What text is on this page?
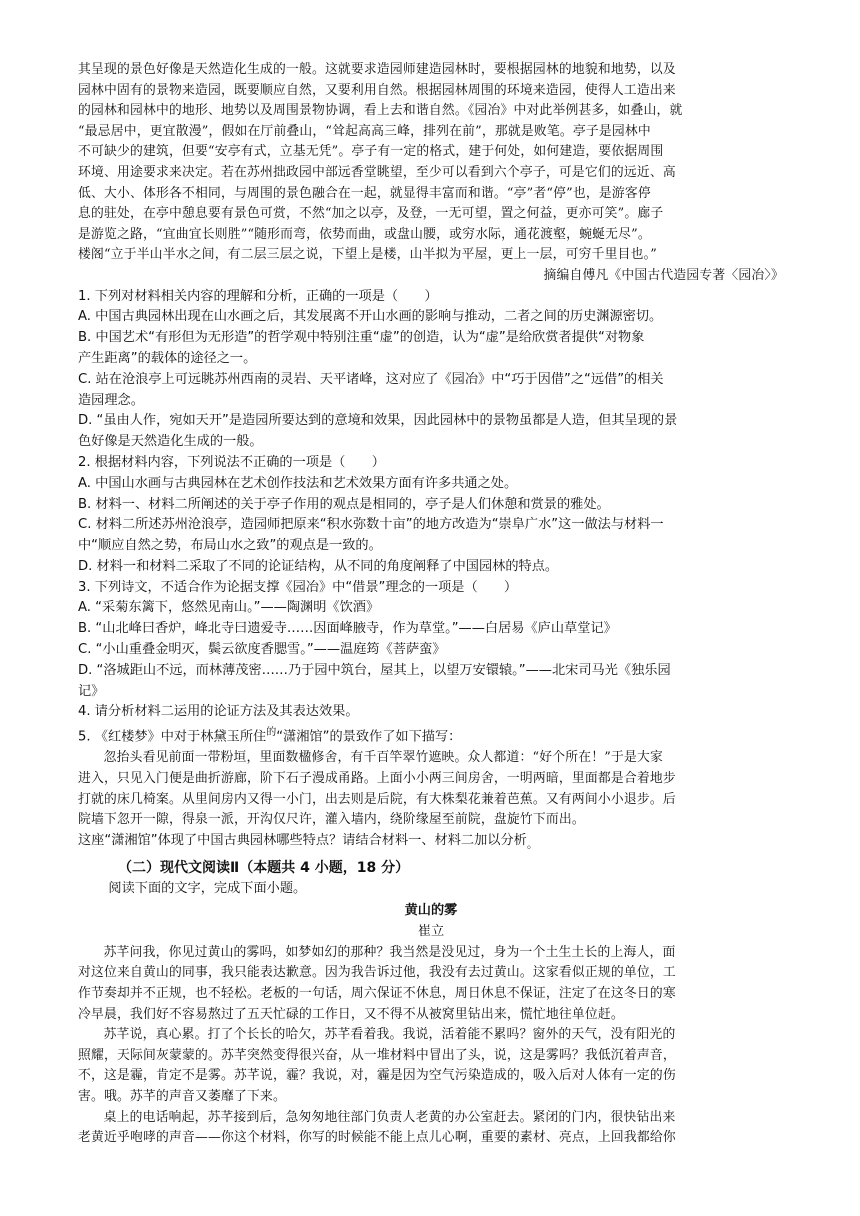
其呈现的景色好像是天然造化生成的一般。这就要求造园师建造园林时，要根据园林的地貌和地势，以及

园林中固有的景物来造园，既要顺应自然，又要利用自然。根据园林周围的环境来造园，使得人工造出来

的园林和园林中的地形、地势以及周围景物协调，看上去和谐自然。《园冶》中对此举例甚多，如叠山，就

“最忌居中，更宜散漫”，假如在厅前叠山，“耸起高高三峰，排列在前”，那就是败笔。亭子是园林中

不可缺少的建筑，但要“安亭有式，立基无凭”。亭子有一定的格式，建于何处，如何建造，要依据周围

环境、用途要求来决定。若在苏州拙政园中部远香堂眺望，至少可以看到六个亭子，可是它们的远近、高

低、大小、体形各不相同，与周围的景色融合在一起，就显得丰富而和谐。“亭”者“停”也，是游客停

息的驻处，在亭中憩息要有景色可赏，不然“加之以亭，及登，一无可望，置之何益，更亦可笑”。廊子

是游览之路，“宜曲宜长则胜”“随形而弯，依势而曲，或盘山腰，或穷水际，通花渡壑，蜿蜒无尽”。

楼阁“立于半山半水之间，有二层三层之说，下望上是楼，山半拟为平屋，更上一层，可穷千里目也。”

摘编自傅凡《中国古代造园专著〈园冶〉》

1. 下列对材料相关内容的理解和分析，正确的一项是（　　）

A. 中国古典园林出现在山水画之后，其发展离不开山水画的影响与推动，二者之间的历史渊源密切。

B. 中国艺术“有形但为无形造”的哲学观中特别注重“虚”的创造，认为“虚”是给欣赏者提供“对物象

产生距离”的载体的途径之一。

C. 站在沧浪亭上可远眺苏州西南的灵岩、天平诸峰，这对应了《园冶》中“巧于因借”之“远借”的相关

造园理念。

D. “虽由人作，宛如天开”是造园所要达到的意境和效果，因此园林中的景物虽都是人造，但其呈现的景

色好像是天然造化生成的一般。

2. 根据材料内容，下列说法不正确的一项是（　　）

A. 中国山水画与古典园林在艺术创作技法和艺术效果方面有许多共通之处。

B. 材料一、材料二所阐述的关于亭子作用的观点是相同的，亭子是人们休憩和赏景的雅处。

C. 材料二所述苏州沧浪亭，造园师把原来“积水弥数十亩”的地方改造为“崇阜广水”这一做法与材料一

中“顺应自然之势，布局山水之致”的观点是一致的。

D. 材料一和材料二采取了不同的论证结构，从不同的角度阐释了中国园林的特点。

3. 下列诗文，不适合作为论据支撑《园冶》中“借景”理念的一项是（　　）

A. “采菊东篱下，悠然见南山。”——陶渊明《饮酒》

B. “山北峰曰香炉，峰北寺曰遗爱寺……因面峰腋寺，作为草堂。”——白居易《庐山草堂记》

C. “小山重叠金明灭，鬓云欲度香腮雪。”——温庭筠《菩萨蛮》

D. “洛城距山不远，而林薄茂密……乃于园中筑台，屋其上，以望万安镮辕。”——北宋司马光《独乐园

记》

4. 请分析材料二运用的论证方法及其表达效果。

5. 《红楼梦》中对于林黛玉所住$^的$“潇湘馆”的景致作了如下描写：

忽抬头看见前面一带粉垣，里面数楹修舍，有千百竿翠竹遮映。众人都道：“好个所在！”于是大家

进入，只见入门便是曲折游廊，阶下石子漫成甬路。上面小小两三间房舍，一明两暗，里面都是合着地步

打就的床几椅案。从里间房内又得一小门，出去则是后院，有大株梨花兼着芭蕉。又有两间小小退步。后

院墙下忽开一隙，得泉一派，开沟仅尺许，灌入墙内，绕阶缘屋至前院，盘旋竹下而出。

这座“潇湘馆”体现了中国古典园林哪些特点？请结合材料一、材料二加以分析$_。$

（二）现代文阅读Ⅱ（本题共 4 小题，18 分）

阅读下面的文字，完成下面小题。

黄山的雾
崔立

苏芊问我，你见过黄山的雾吗，如梦如幻的那种？我当然是没见过，身为一个土生土长的上海人，面

对这位来自黄山的同事，我只能表达歉意。因为我告诉过他，我没有去过黄山。这家看似正规的单位，工

作节奏却并不正规，也不轻松。老板的一句话，周六保证不休息，周日休息不保证，注定了在这冬日的寒

冷早晨，我们好不容易熬过了五天忙碌的工作日，又不得不从被窝里钻出来，慌忙地往单位赶。

苏芊说，真心累。打了个长长的哈欠，苏芊看着我。我说，活着能不累吗？窗外的天气，没有阳光的

照耀，天际间灰蒙蒙的。苏芊突然变得很兴奋，从一堆材料中冒出了头，说，这是雾吗？我低沉着声音，

不，这是霾，肯定不是雾。苏芊说，霾？我说，对，霾是因为空气污染造成的，吸入后对人体有一定的伤

害。哦。苏芊的声音又萎靡了下来。

桌上的电话响起，苏芊接到后，急匆匆地往部门负责人老黄的办公室赶去。紧闭的门内，很快钻出来

老黄近乎咆哮的声音——你这个材料，你写的时候能不能上点儿心啊，重要的素材、亮点，上回我都给你
